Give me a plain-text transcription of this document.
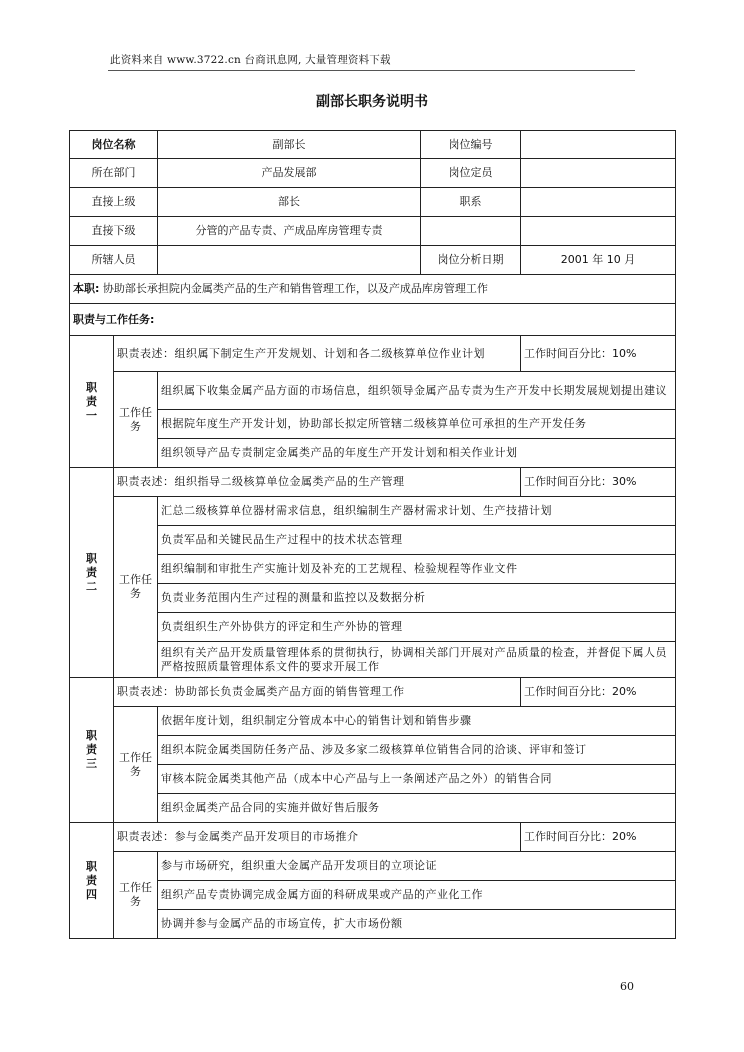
此资料来自 www.3722.cn 台商讯息网, 大量管理资料下载
副部长职务说明书
岗位名称		副部长	岗位编号	
所在部门		产品发展部	岗位定员	
直接上级		部长	职系	
直接下级		分管的产品专责、产成品库房管理专责		
所辖人员			岗位分析日期	2001 年 10 月
本职: 协助部长承担院内金属类产品的生产和销售管理工作，以及产成品库房管理工作				
职责与工作任务:				

职
责
一	职责表述：组织属下制定生产开发规划、计划和各二级核算单位作业计划			工作时间百分比：10%
	工作任务	组织属下收集金属产品方面的市场信息，组织领导金属产品专责为生产开发中长期发展规划提出建议		
		根据院年度生产开发计划，协助部长拟定所管辖二级核算单位可承担的生产开发任务		
		组织领导产品专责制定金属类产品的年度生产开发计划和相关作业计划		

职
责
二	职责表述：组织指导二级核算单位金属类产品的生产管理			工作时间百分比：30%
	工作任务	汇总二级核算单位器材需求信息，组织编制生产器材需求计划、生产技措计划		
		负责军品和关键民品生产过程中的技术状态管理		
		组织编制和审批生产实施计划及补充的工艺规程、检验规程等作业文件		
		负责业务范围内生产过程的测量和监控以及数据分析		
		负责组织生产外协供方的评定和生产外协的管理		
		组织有关产品开发质量管理体系的贯彻执行，协调相关部门开展对产品质量的检查，并督促下属人员严格按照质量管理体系文件的要求开展工作		

职
责
三	职责表述：协助部长负责金属类产品方面的销售管理工作			工作时间百分比：20%
	工作任务	依据年度计划，组织制定分管成本中心的销售计划和销售步骤		
		组织本院金属类国防任务产品、涉及多家二级核算单位销售合同的洽谈、评审和签订		
		审核本院金属类其他产品（成本中心产品与上一条阐述产品之外）的销售合同		
		组织金属类产品合同的实施并做好售后服务		

职
责
四	职责表述：参与金属类产品开发项目的市场推介			工作时间百分比：20%
	工作任务	参与市场研究，组织重大金属产品开发项目的立项论证		
		组织产品专责协调完成金属方面的科研成果或产品的产业化工作		
		协调并参与金属产品的市场宣传，扩大市场份额		
60
